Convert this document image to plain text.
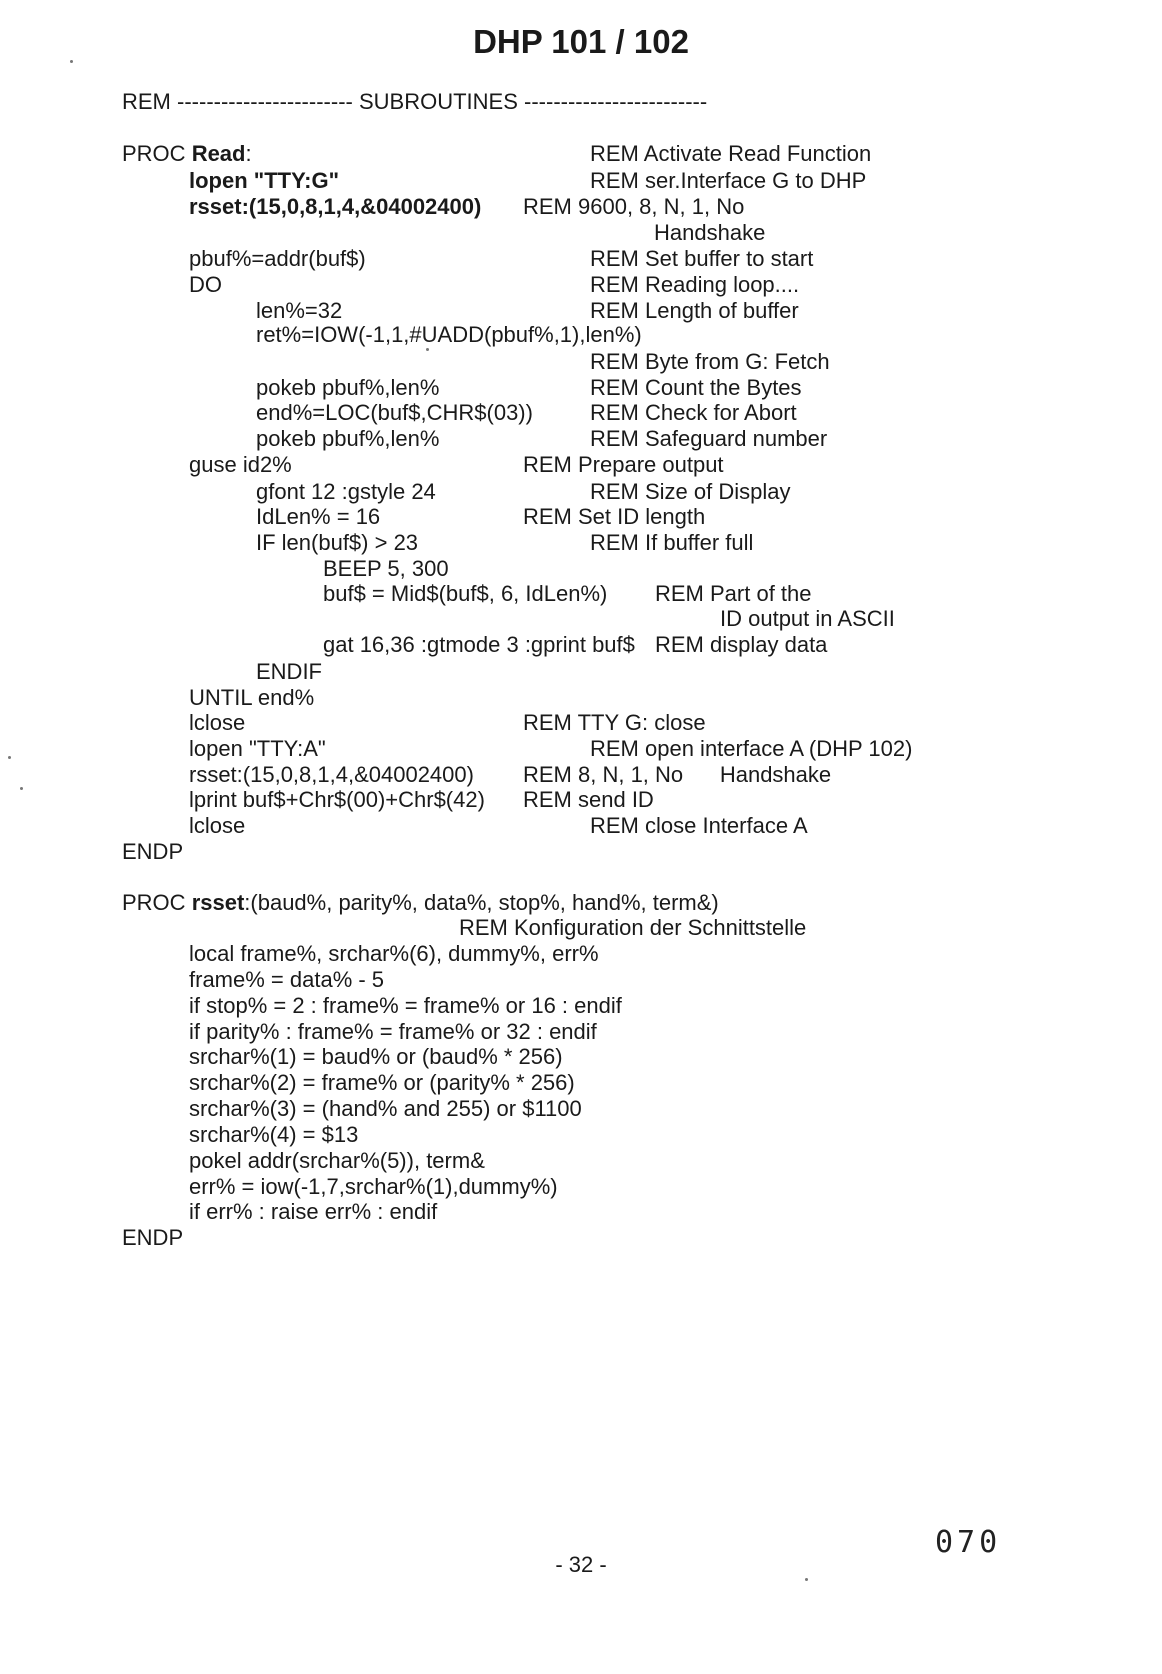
DHP 101 / 102
REM ------------------------ SUBROUTINES -------------------------
PROC Read:
lopen "TTY:G"
rsset:(15,0,8,1,4,&04002400)
pbuf%=addr(buf$)
DO
len%=32
ret%=IOW(-1,1,#UADD(pbuf%,1),len%)
pokeb pbuf%,len%
end%=LOC(buf$,CHR$(03))
pokeb pbuf%,len%
guse id2%
gfont 12 :gstyle 24
IdLen% = 16
IF len(buf$) > 23
BEEP 5, 300
buf$ = Mid$(buf$, 6, IdLen%)
gat 16,36 :gtmode 3 :gprint buf$
ENDIF
UNTIL end%
lclose
lopen "TTY:A"
rsset:(15,0,8,1,4,&04002400)
lprint buf$+Chr$(00)+Chr$(42)
lclose
ENDP
REM Activate Read Function
REM ser.Interface G to DHP
REM 9600, 8, N, 1, No
Handshake
REM Set buffer to start
REM Reading loop....
REM Length of buffer
REM Byte from G: Fetch
REM Count the Bytes
REM Check for Abort
REM Safeguard number
REM Prepare output
REM Size of Display
REM Set ID length
REM If buffer full
REM Part of the
ID output in ASCII
REM display data
REM TTY G: close
REM open interface A (DHP 102)
REM 8, N, 1, No      Handshake
REM send ID
REM close Interface A
PROC rsset:(baud%, parity%, data%, stop%, hand%, term&)
REM Konfiguration der Schnittstelle
local frame%, srchar%(6), dummy%, err%
frame% = data% - 5
if stop% = 2 : frame% = frame% or 16 : endif
if parity% : frame% = frame% or 32 : endif
srchar%(1) = baud% or (baud% * 256)
srchar%(2) = frame% or (parity% * 256)
srchar%(3) = (hand% and 255) or $1100
srchar%(4) = $13
pokel addr(srchar%(5)), term&
err% = iow(-1,7,srchar%(1),dummy%)
if err% : raise err% : endif
ENDP
070
- 32 -
